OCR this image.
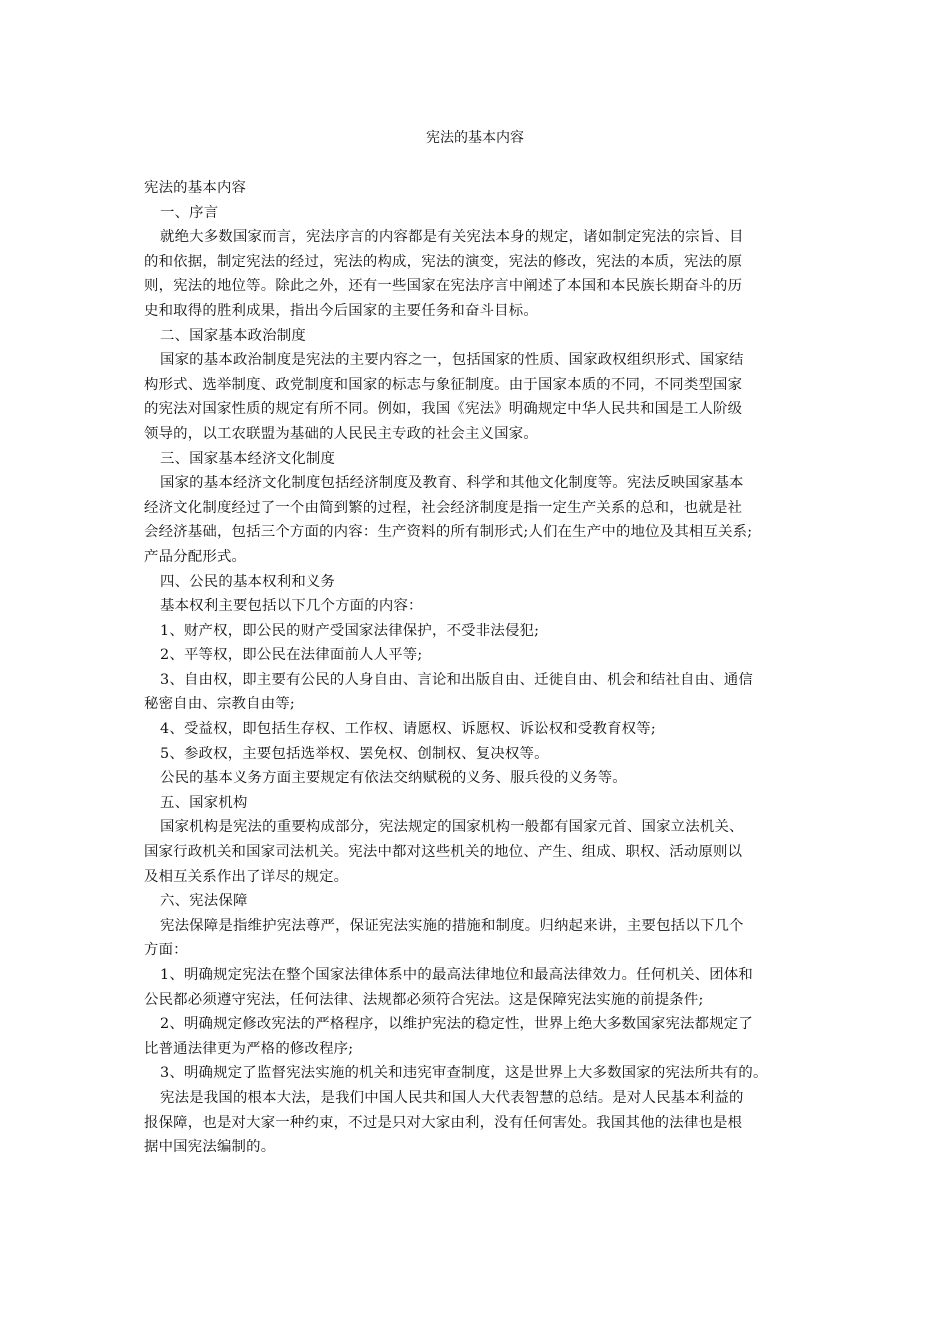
宪法的基本内容
宪法的基本内容
一、序言
就绝大多数国家而言，宪法序言的内容都是有关宪法本身的规定，诸如制定宪法的宗旨、目
的和依据，制定宪法的经过，宪法的构成，宪法的演变，宪法的修改，宪法的本质，宪法的原
则，宪法的地位等。除此之外，还有一些国家在宪法序言中阐述了本国和本民族长期奋斗的历
史和取得的胜利成果，指出今后国家的主要任务和奋斗目标。
二、国家基本政治制度
国家的基本政治制度是宪法的主要内容之一，包括国家的性质、国家政权组织形式、国家结
构形式、选举制度、政党制度和国家的标志与象征制度。由于国家本质的不同，不同类型国家
的宪法对国家性质的规定有所不同。例如，我国《宪法》明确规定中华人民共和国是工人阶级
领导的，以工农联盟为基础的人民民主专政的社会主义国家。
三、国家基本经济文化制度
国家的基本经济文化制度包括经济制度及教育、科学和其他文化制度等。宪法反映国家基本
经济文化制度经过了一个由简到繁的过程，社会经济制度是指一定生产关系的总和，也就是社
会经济基础，包括三个方面的内容：生产资料的所有制形式;人们在生产中的地位及其相互关系;
产品分配形式。
四、公民的基本权利和义务
基本权利主要包括以下几个方面的内容：
1、财产权，即公民的财产受国家法律保护，不受非法侵犯;
2、平等权，即公民在法律面前人人平等;
3、自由权，即主要有公民的人身自由、言论和出版自由、迁徙自由、机会和结社自由、通信
秘密自由、宗教自由等;
4、受益权，即包括生存权、工作权、请愿权、诉愿权、诉讼权和受教育权等;
5、参政权，主要包括选举权、罢免权、创制权、复决权等。
公民的基本义务方面主要规定有依法交纳赋税的义务、服兵役的义务等。
五、国家机构
国家机构是宪法的重要构成部分，宪法规定的国家机构一般都有国家元首、国家立法机关、
国家行政机关和国家司法机关。宪法中都对这些机关的地位、产生、组成、职权、活动原则以
及相互关系作出了详尽的规定。
六、宪法保障
宪法保障是指维护宪法尊严，保证宪法实施的措施和制度。归纳起来讲，主要包括以下几个
方面：
1、明确规定宪法在整个国家法律体系中的最高法律地位和最高法律效力。任何机关、团体和
公民都必须遵守宪法，任何法律、法规都必须符合宪法。这是保障宪法实施的前提条件;
2、明确规定修改宪法的严格程序，以维护宪法的稳定性，世界上绝大多数国家宪法都规定了
比普通法律更为严格的修改程序;
3、明确规定了监督宪法实施的机关和违宪审查制度，这是世界上大多数国家的宪法所共有的。
宪法是我国的根本大法，是我们中国人民共和国人大代表智慧的总结。是对人民基本利益的
报保障，也是对大家一种约束，不过是只对大家由利，没有任何害处。我国其他的法律也是根
据中国宪法编制的。
